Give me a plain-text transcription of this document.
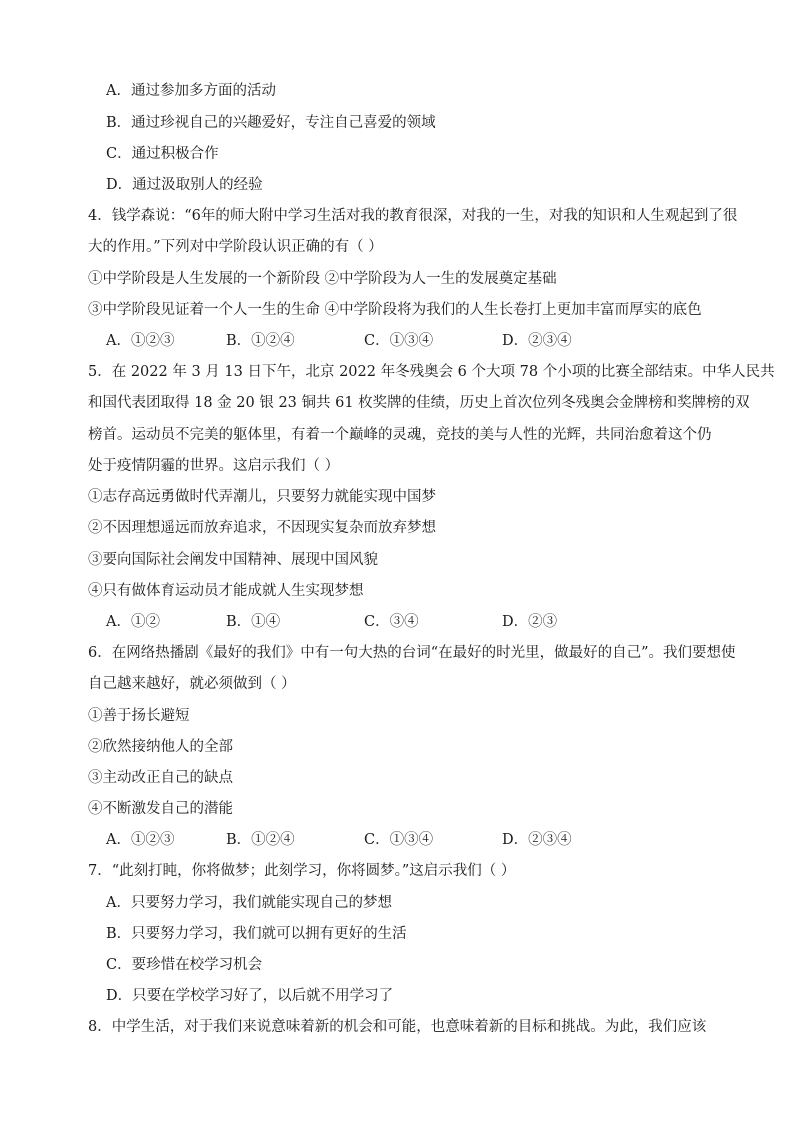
A．通过参加多方面的活动
B．通过珍视自己的兴趣爱好，专注自己喜爱的领域
C．通过积极合作
D．通过汲取别人的经验
4．钱学森说：“6年的师大附中学习生活对我的教育很深，对我的一生，对我的知识和人生观起到了很
大的作用。”下列对中学阶段认识正确的有（ ）
①中学阶段是人生发展的一个新阶段 ②中学阶段为人一生的发展奠定基础
③中学阶段见证着一个人一生的生命 ④中学阶段将为我们的人生长卷打上更加丰富而厚实的底色
A．①②③	B．①②④	C．①③④	D．②③④
5．在 2022 年 3 月 13 日下午，北京 2022 年冬残奥会 6 个大项 78 个小项的比赛全部结束。中华人民共
和国代表团取得 18 金 20 银 23 铜共 61 枚奖牌的佳绩，历史上首次位列冬残奥会金牌榜和奖牌榜的双
榜首。运动员不完美的躯体里，有着一个巅峰的灵魂，竞技的美与人性的光辉，共同治愈着这个仍
处于疫情阴霾的世界。这启示我们（ ）
①志存高远勇做时代弄潮儿，只要努力就能实现中国梦
②不因理想遥远而放弃追求，不因现实复杂而放弃梦想
③要向国际社会阐发中国精神、展现中国风貌
④只有做体育运动员才能成就人生实现梦想
A．①②	B．①④	C．③④	D．②③
6．在网络热播剧《最好的我们》中有一句大热的台词“在最好的时光里，做最好的自己”。我们要想使
自己越来越好，就必须做到（ ）
①善于扬长避短
②欣然接纳他人的全部
③主动改正自己的缺点
④不断激发自己的潜能
A．①②③	B．①②④	C．①③④	D．②③④
7．“此刻打盹，你将做梦；此刻学习，你将圆梦。”这启示我们（ ）
A．只要努力学习，我们就能实现自己的梦想
B．只要努力学习，我们就可以拥有更好的生活
C．要珍惜在校学习机会
D．只要在学校学习好了，以后就不用学习了
8．中学生活，对于我们来说意味着新的机会和可能，也意味着新的目标和挑战。为此，我们应该
